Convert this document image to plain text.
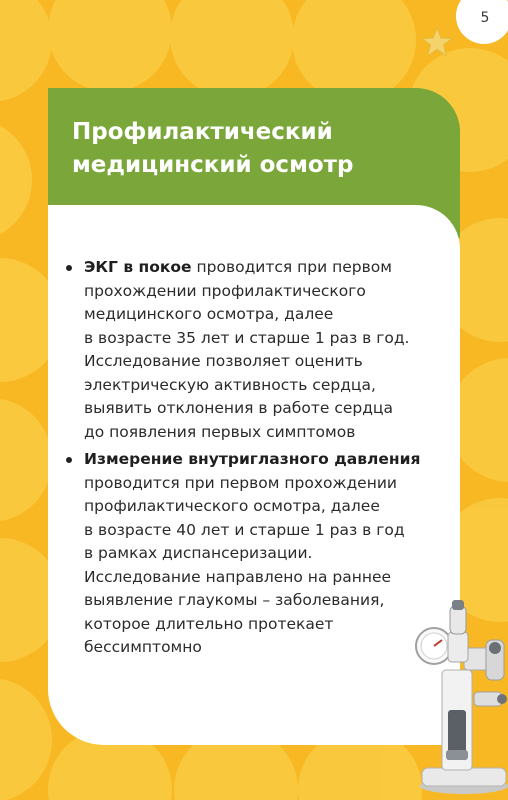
5
Профилактический
медицинский осмотр
ЭКГ в покое проводится при первом
прохождении профилактического
медицинского осмотра, далее
в возрасте 35 лет и старше 1 раз в год.
Исследование позволяет оценить
электрическую активность сердца,
выявить отклонения в работе сердца
до появления первых симптомов
Измерение внутриглазного давления
проводится при первом прохождении
профилактического осмотра, далее
в возрасте 40 лет и старше 1 раз в год
в рамках диспансеризации.
Исследование направлено на раннее
выявление глаукомы – заболевания,
которое длительно протекает
бессимптомно
